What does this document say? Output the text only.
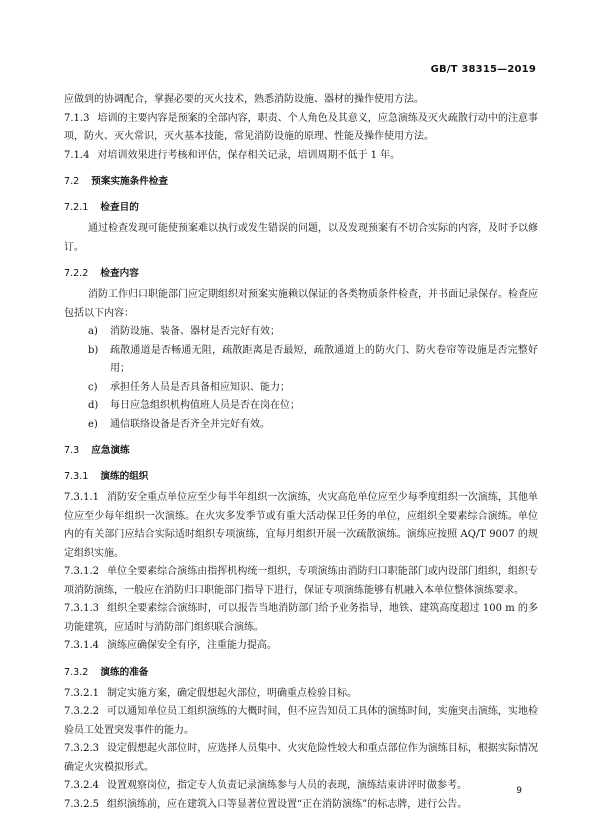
GB/T 38315—2019

应做到的协调配合，掌握必要的灭火技术，熟悉消防设施、器材的操作使用方法。

7.1.3 培训的主要内容是预案的全部内容，职责、个人角色及其意义，应急演练及灭火疏散行动中的注意事项，防火、灭火常识，灭火基本技能，常见消防设施的原理、性能及操作使用方法。

7.1.4 对培训效果进行考核和评估，保存相关记录，培训周期不低于 1 年。

7.2 预案实施条件检查
7.2.1 检查目的

通过检查发现可能使预案难以执行或发生错误的问题，以及发现预案有不切合实际的内容，及时予以修订。

7.2.2 检查内容

消防工作归口职能部门应定期组织对预案实施赖以保证的各类物质条件检查，并书面记录保存。检查应包括以下内容：

a)	消防设施、装备、器材是否完好有效；
b)	疏散通道是否畅通无阻，疏散距离是否最短，疏散通道上的防火门、防火卷帘等设施是否完整好用；
c)	承担任务人员是否具备相应知识、能力；
d)	每日应急组织机构值班人员是否在岗在位；
e)	通信联络设备是否齐全并完好有效。
7.3 应急演练
7.3.1 演练的组织

7.3.1.1 消防安全重点单位应至少每半年组织一次演练，火灾高危单位应至少每季度组织一次演练，其他单位应至少每年组织一次演练。在火灾多发季节或有重大活动保卫任务的单位，应组织全要素综合演练。单位内的有关部门应结合实际适时组织专项演练，宜每月组织开展一次疏散演练。演练应按照 AQ/T 9007 的规定组织实施。

7.3.1.2 单位全要素综合演练由指挥机构统一组织，专项演练由消防归口职能部门或内设部门组织，组织专项消防演练，一般应在消防归口职能部门指导下进行，保证专项演练能够有机融入本单位整体演练要求。

7.3.1.3 组织全要素综合演练时，可以报告当地消防部门给予业务指导，地铁、建筑高度超过 100 m 的多功能建筑，应适时与消防部门组织联合演练。

7.3.1.4 演练应确保安全有序，注重能力提高。

7.3.2 演练的准备

7.3.2.1 制定实施方案，确定假想起火部位，明确重点检验目标。

7.3.2.2 可以通知单位员工组织演练的大概时间，但不应告知员工具体的演练时间，实施突击演练，实地检验员工处置突发事件的能力。

7.3.2.3 设定假想起火部位时，应选择人员集中、火灾危险性较大和重点部位作为演练目标，根据实际情况确定火灾模拟形式。

7.3.2.4 设置观察岗位，指定专人负责记录演练参与人员的表现，演练结束讲评时做参考。

7.3.2.5 组织演练前，应在建筑入口等显著位置设置“正在消防演练”的标志牌，进行公告。

9
